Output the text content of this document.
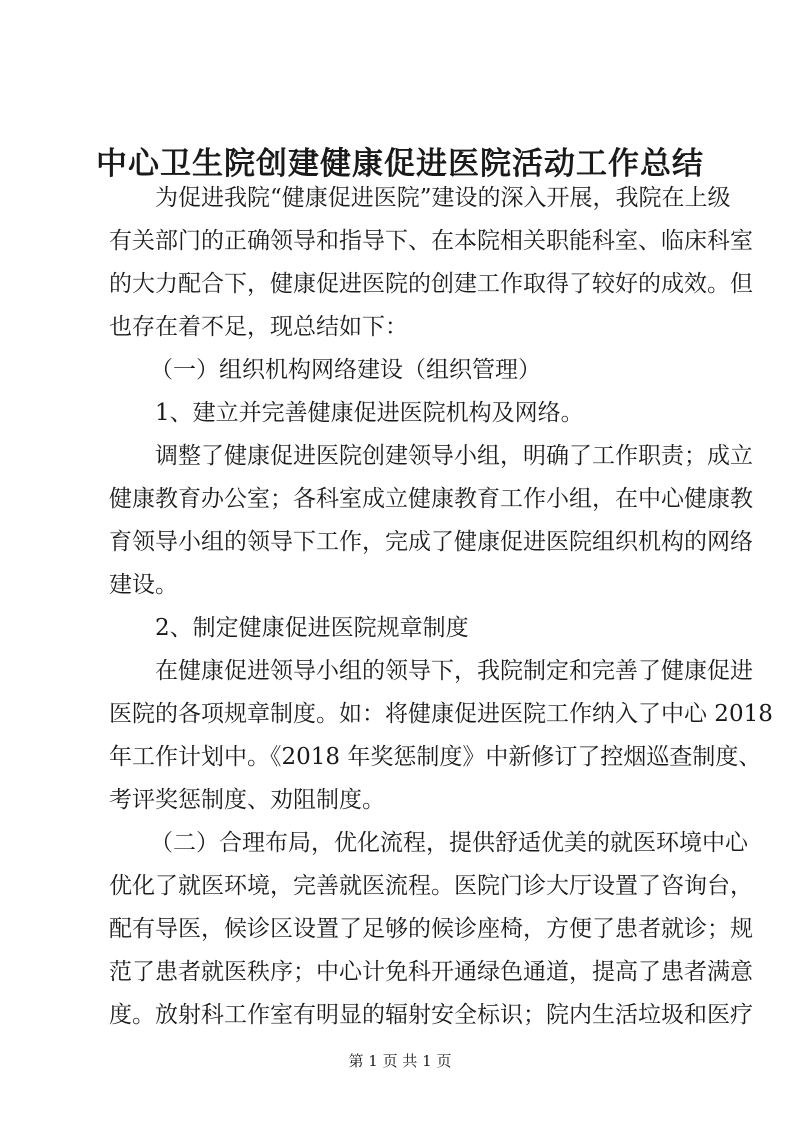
中心卫生院创建健康促进医院活动工作总结
为促进我院“健康促进医院”建设的深入开展，我院在上级
有关部门的正确领导和指导下、在本院相关职能科室、临床科室
的大力配合下，健康促进医院的创建工作取得了较好的成效。但
也存在着不足，现总结如下：
（一）组织机构网络建设（组织管理）
1、建立并完善健康促进医院机构及网络。
调整了健康促进医院创建领导小组，明确了工作职责；成立
健康教育办公室；各科室成立健康教育工作小组，在中心健康教
育领导小组的领导下工作，完成了健康促进医院组织机构的网络
建设。
2、制定健康促进医院规章制度
在健康促进领导小组的领导下，我院制定和完善了健康促进
医院的各项规章制度。如：将健康促进医院工作纳入了中心 2018
年工作计划中。《2018 年奖惩制度》中新修订了控烟巡查制度、
考评奖惩制度、劝阻制度。
（二）合理布局，优化流程，提供舒适优美的就医环境中心
优化了就医环境，完善就医流程。医院门诊大厅设置了咨询台，
配有导医，候诊区设置了足够的候诊座椅，方便了患者就诊；规
范了患者就医秩序；中心计免科开通绿色通道，提高了患者满意
度。放射科工作室有明显的辐射安全标识；院内生活垃圾和医疗
第 1 页 共 1 页
